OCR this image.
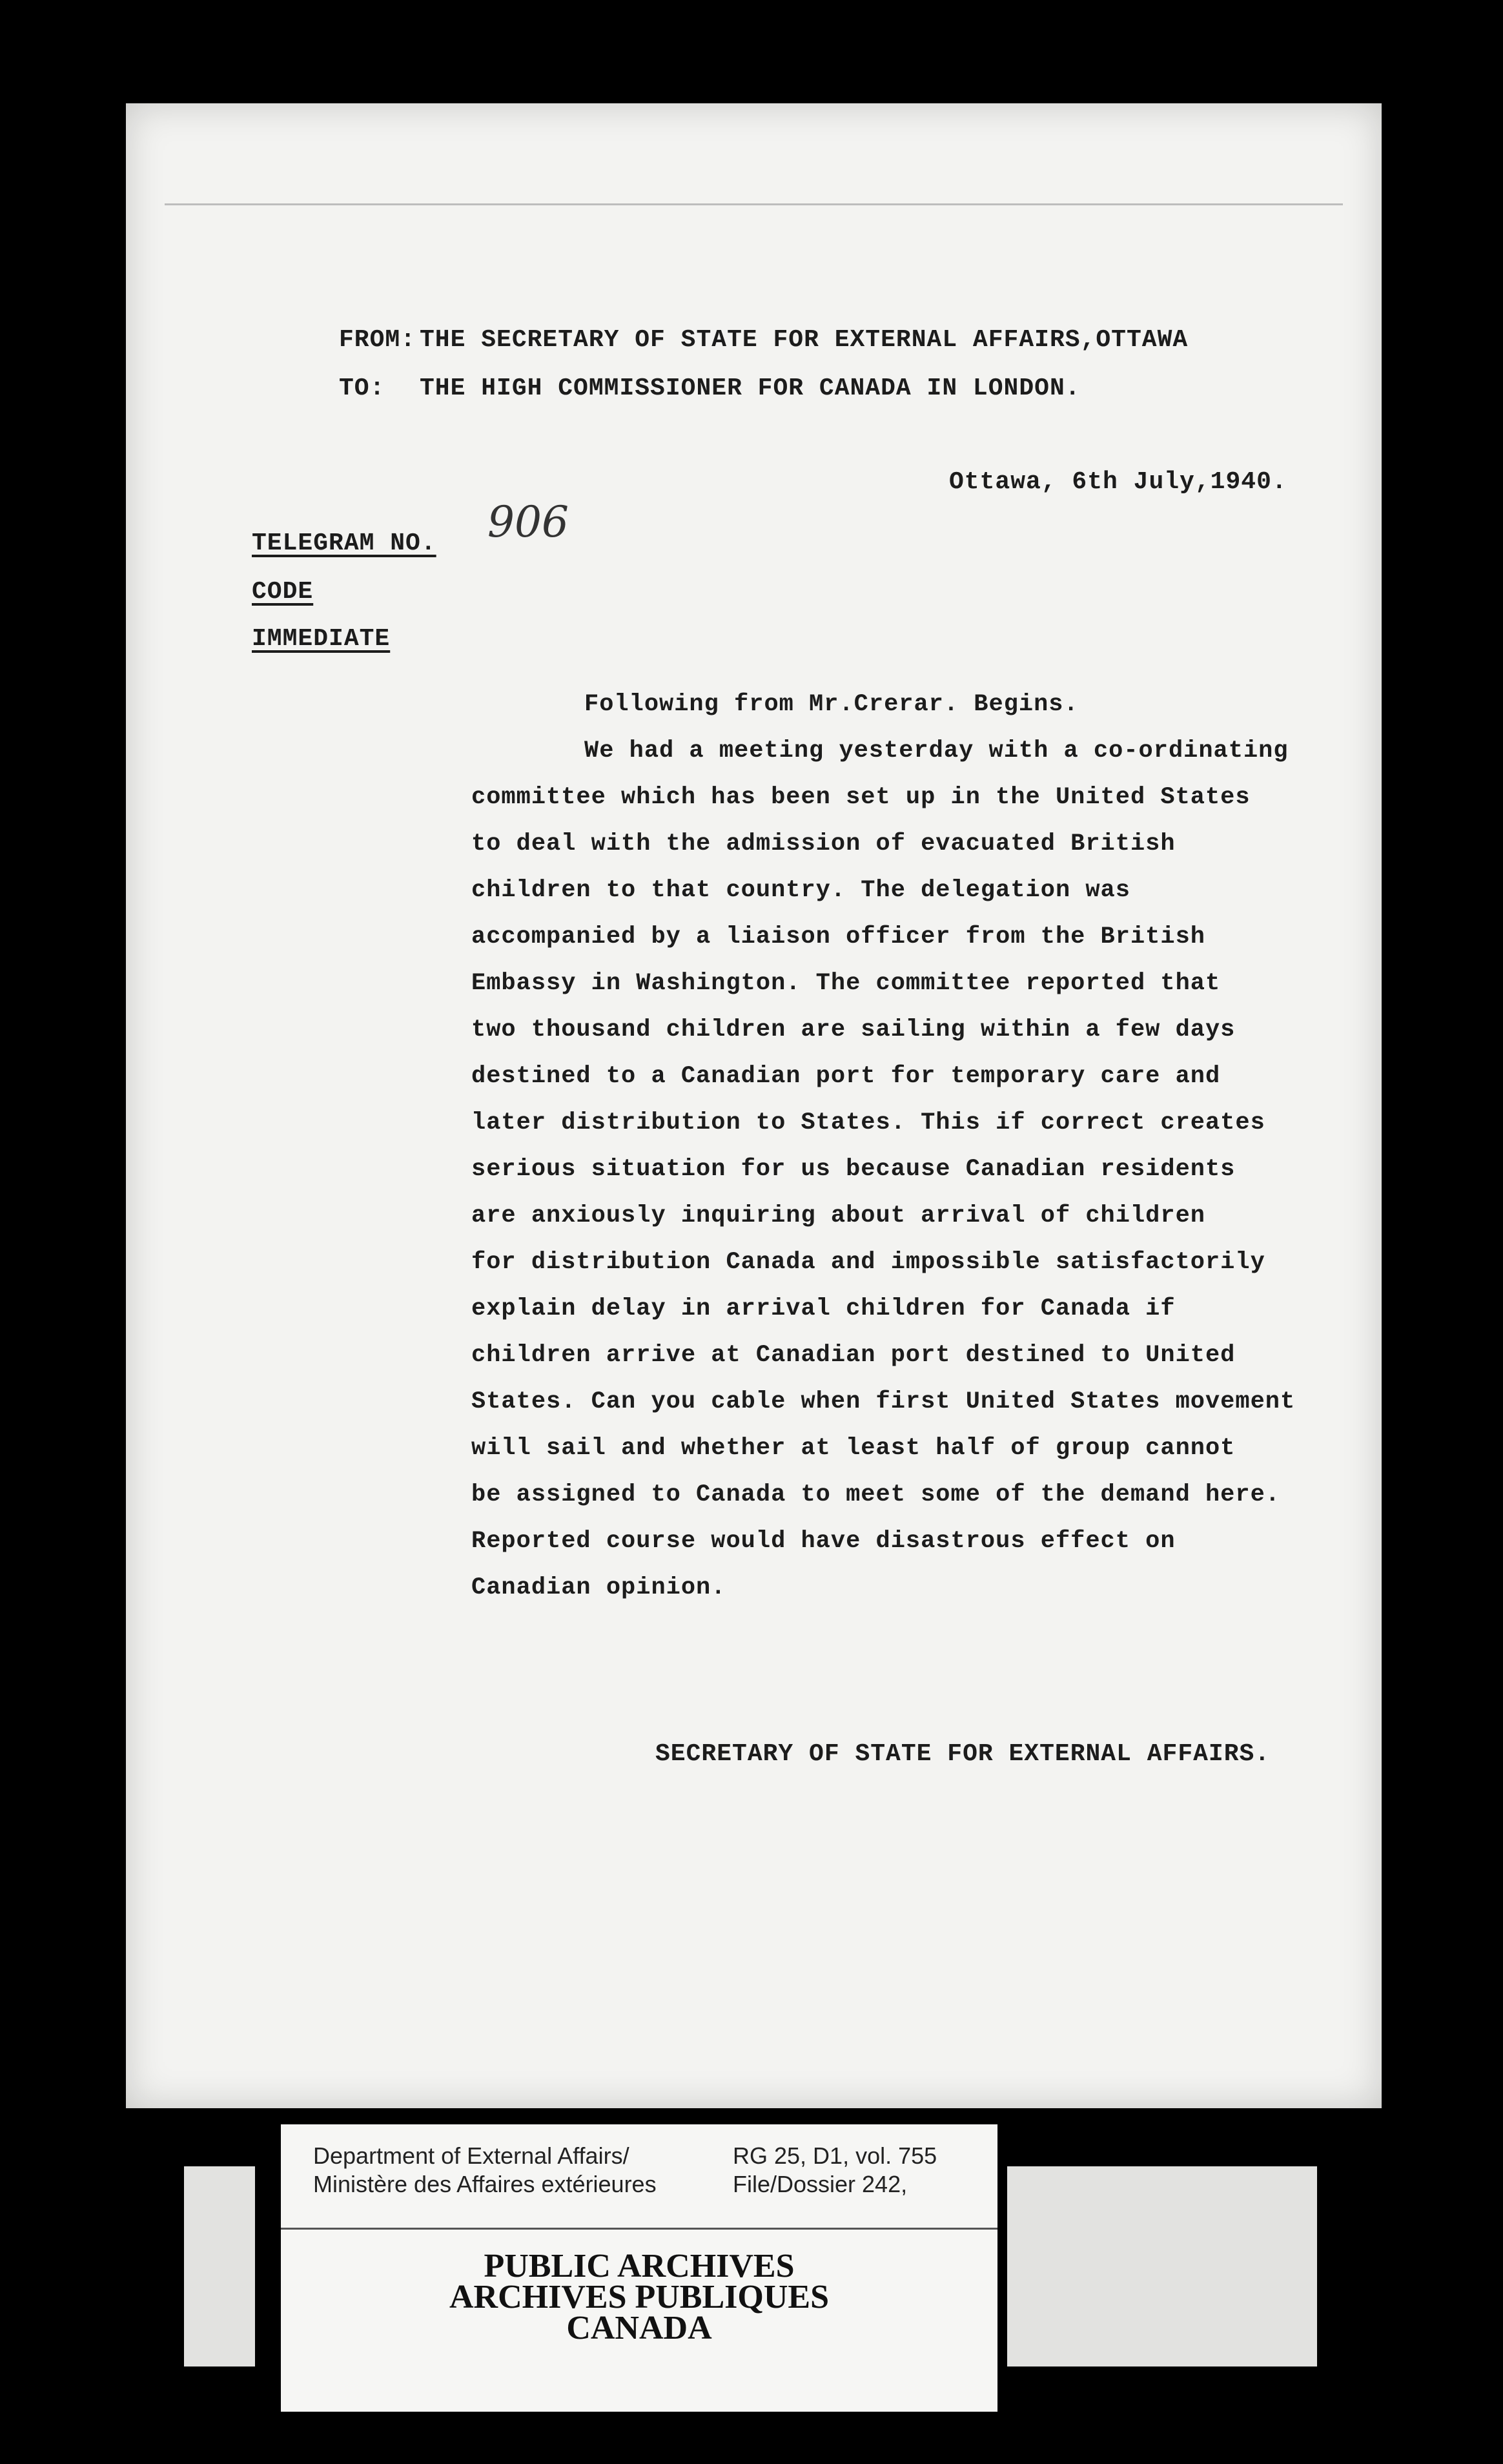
FROM: THE SECRETARY OF STATE FOR EXTERNAL AFFAIRS,OTTAWA
TO: THE HIGH COMMISSIONER FOR CANADA IN LONDON.
Ottawa, 6th July,1940.
TELEGRAM NO. 906
CODE
IMMEDIATE
Following from Mr.Crerar. Begins.
We had a meeting yesterday with a co-ordinating
committee which has been set up in the United States
to deal with the admission of evacuated British
children to that country. The delegation was
accompanied by a liaison officer from the British
Embassy in Washington. The committee reported that
two thousand children are sailing within a few days
destined to a Canadian port for temporary care and
later distribution to States. This if correct creates
serious situation for us because Canadian residents
are anxiously inquiring about arrival of children
for distribution Canada and impossible satisfactorily
explain delay in arrival children for Canada if
children arrive at Canadian port destined to United
States. Can you cable when first United States movement
will sail and whether at least half of group cannot
be assigned to Canada to meet some of the demand here.
Reported course would have disastrous effect on
Canadian opinion.
SECRETARY OF STATE FOR EXTERNAL AFFAIRS.
Department of External Affairs/
Ministère des Affaires extérieures
RG 25, D1, vol. 755
File/Dossier 242,
PUBLIC ARCHIVES
ARCHIVES PUBLIQUES
CANADA
